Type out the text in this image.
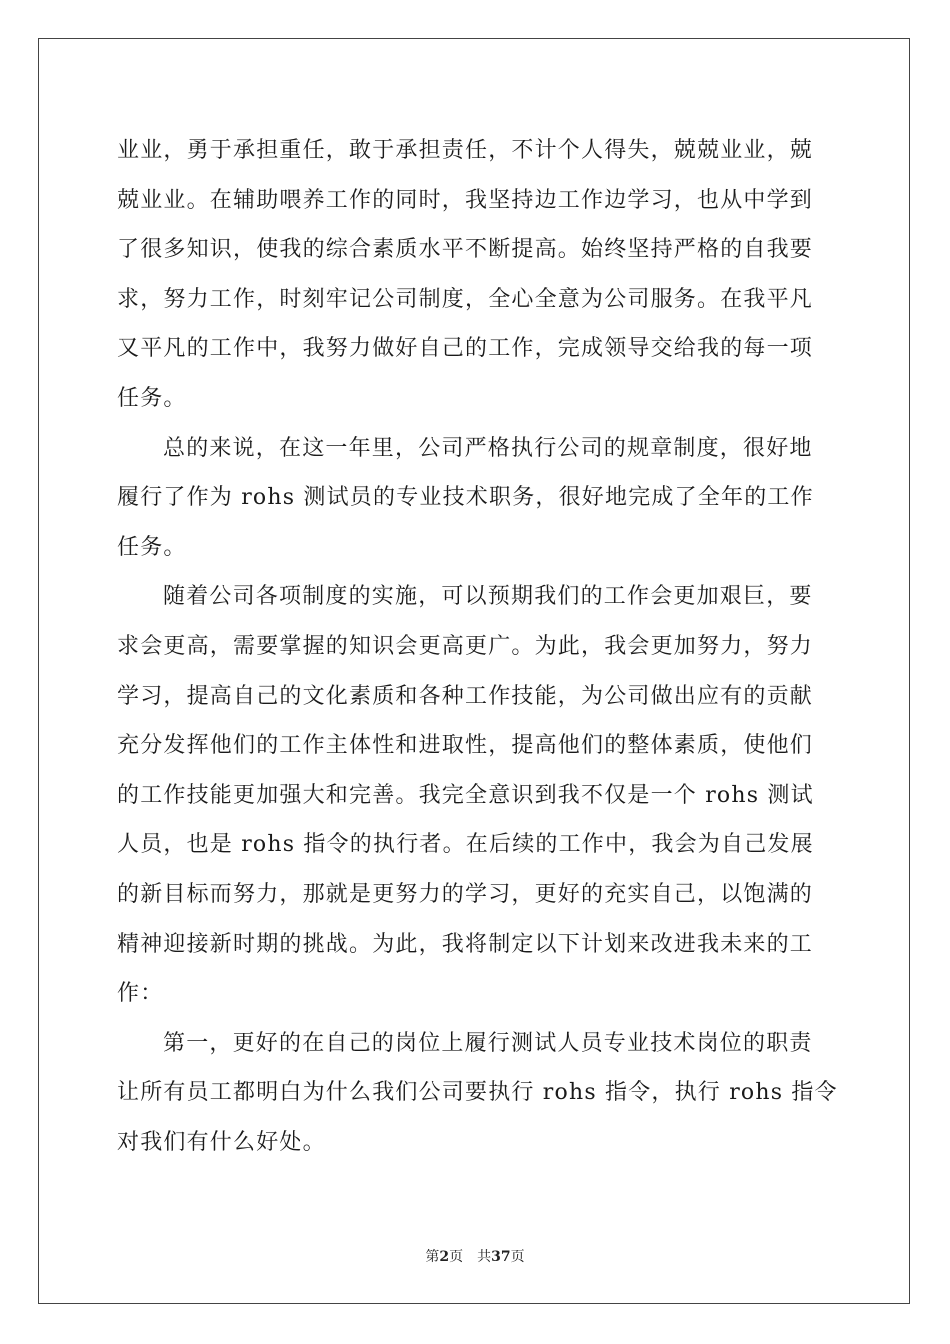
业业，勇于承担重任，敢于承担责任，不计个人得失，兢兢业业，兢
兢业业。在辅助喂养工作的同时，我坚持边工作边学习，也从中学到
了很多知识，使我的综合素质水平不断提高。始终坚持严格的自我要
求，努力工作，时刻牢记公司制度，全心全意为公司服务。在我平凡
又平凡的工作中，我努力做好自己的工作，完成领导交给我的每一项
任务。
总的来说，在这一年里，公司严格执行公司的规章制度，很好地
履行了作为 rohs 测试员的专业技术职务，很好地完成了全年的工作
任务。
随着公司各项制度的实施，可以预期我们的工作会更加艰巨，要
求会更高，需要掌握的知识会更高更广。为此，我会更加努力，努力
学习，提高自己的文化素质和各种工作技能，为公司做出应有的贡献
充分发挥他们的工作主体性和进取性，提高他们的整体素质，使他们
的工作技能更加强大和完善。我完全意识到我不仅是一个 rohs 测试
人员，也是 rohs 指令的执行者。在后续的工作中，我会为自己发展
的新目标而努力，那就是更努力的学习，更好的充实自己，以饱满的
精神迎接新时期的挑战。为此，我将制定以下计划来改进我未来的工
作：
第一，更好的在自己的岗位上履行测试人员专业技术岗位的职责
让所有员工都明白为什么我们公司要执行 rohs 指令，执行 rohs 指令
对我们有什么好处。
第2页 共37页
